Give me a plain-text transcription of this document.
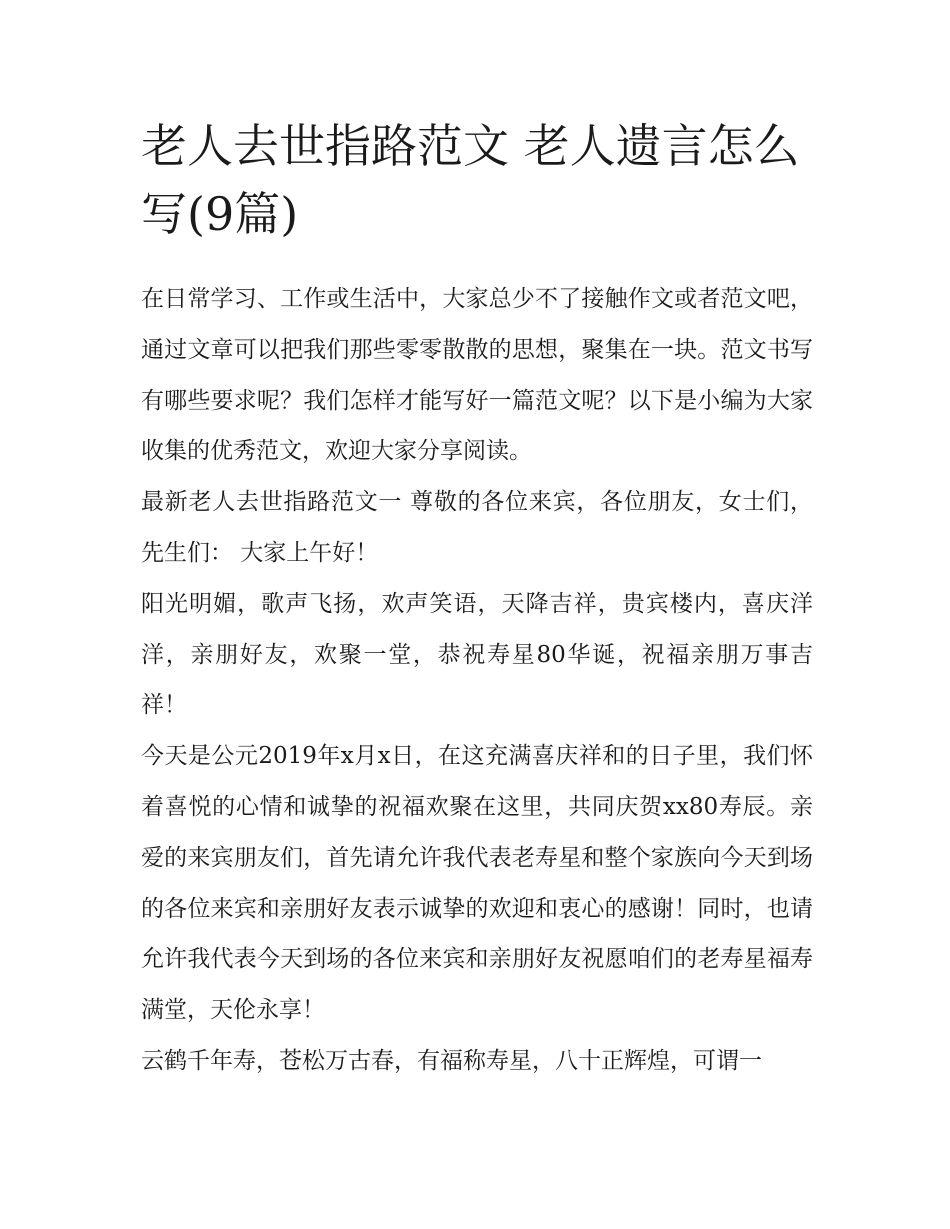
老人去世指路范文 老人遗言怎么写(9篇)

在日常学习、工作或生活中，大家总少不了接触作文或者范文吧，通过文章可以把我们那些零零散散的思想，聚集在一块。范文书写有哪些要求呢？我们怎样才能写好一篇范文呢？以下是小编为大家收集的优秀范文，欢迎大家分享阅读。

最新老人去世指路范文一 尊敬的各位来宾，各位朋友，女士们，先生们： 大家上午好！

阳光明媚，歌声飞扬，欢声笑语，天降吉祥，贵宾楼内，喜庆洋洋，亲朋好友，欢聚一堂，恭祝寿星80华诞，祝福亲朋万事吉祥！

今天是公元2019年x月x日，在这充满喜庆祥和的日子里，我们怀着喜悦的心情和诚挚的祝福欢聚在这里，共同庆贺xx80寿辰。亲爱的来宾朋友们，首先请允许我代表老寿星和整个家族向今天到场的各位来宾和亲朋好友表示诚挚的欢迎和衷心的感谢！同时，也请允许我代表今天到场的各位来宾和亲朋好友祝愿咱们的老寿星福寿满堂，天伦永享！

云鹤千年寿，苍松万古春，有福称寿星，八十正辉煌，可谓一
